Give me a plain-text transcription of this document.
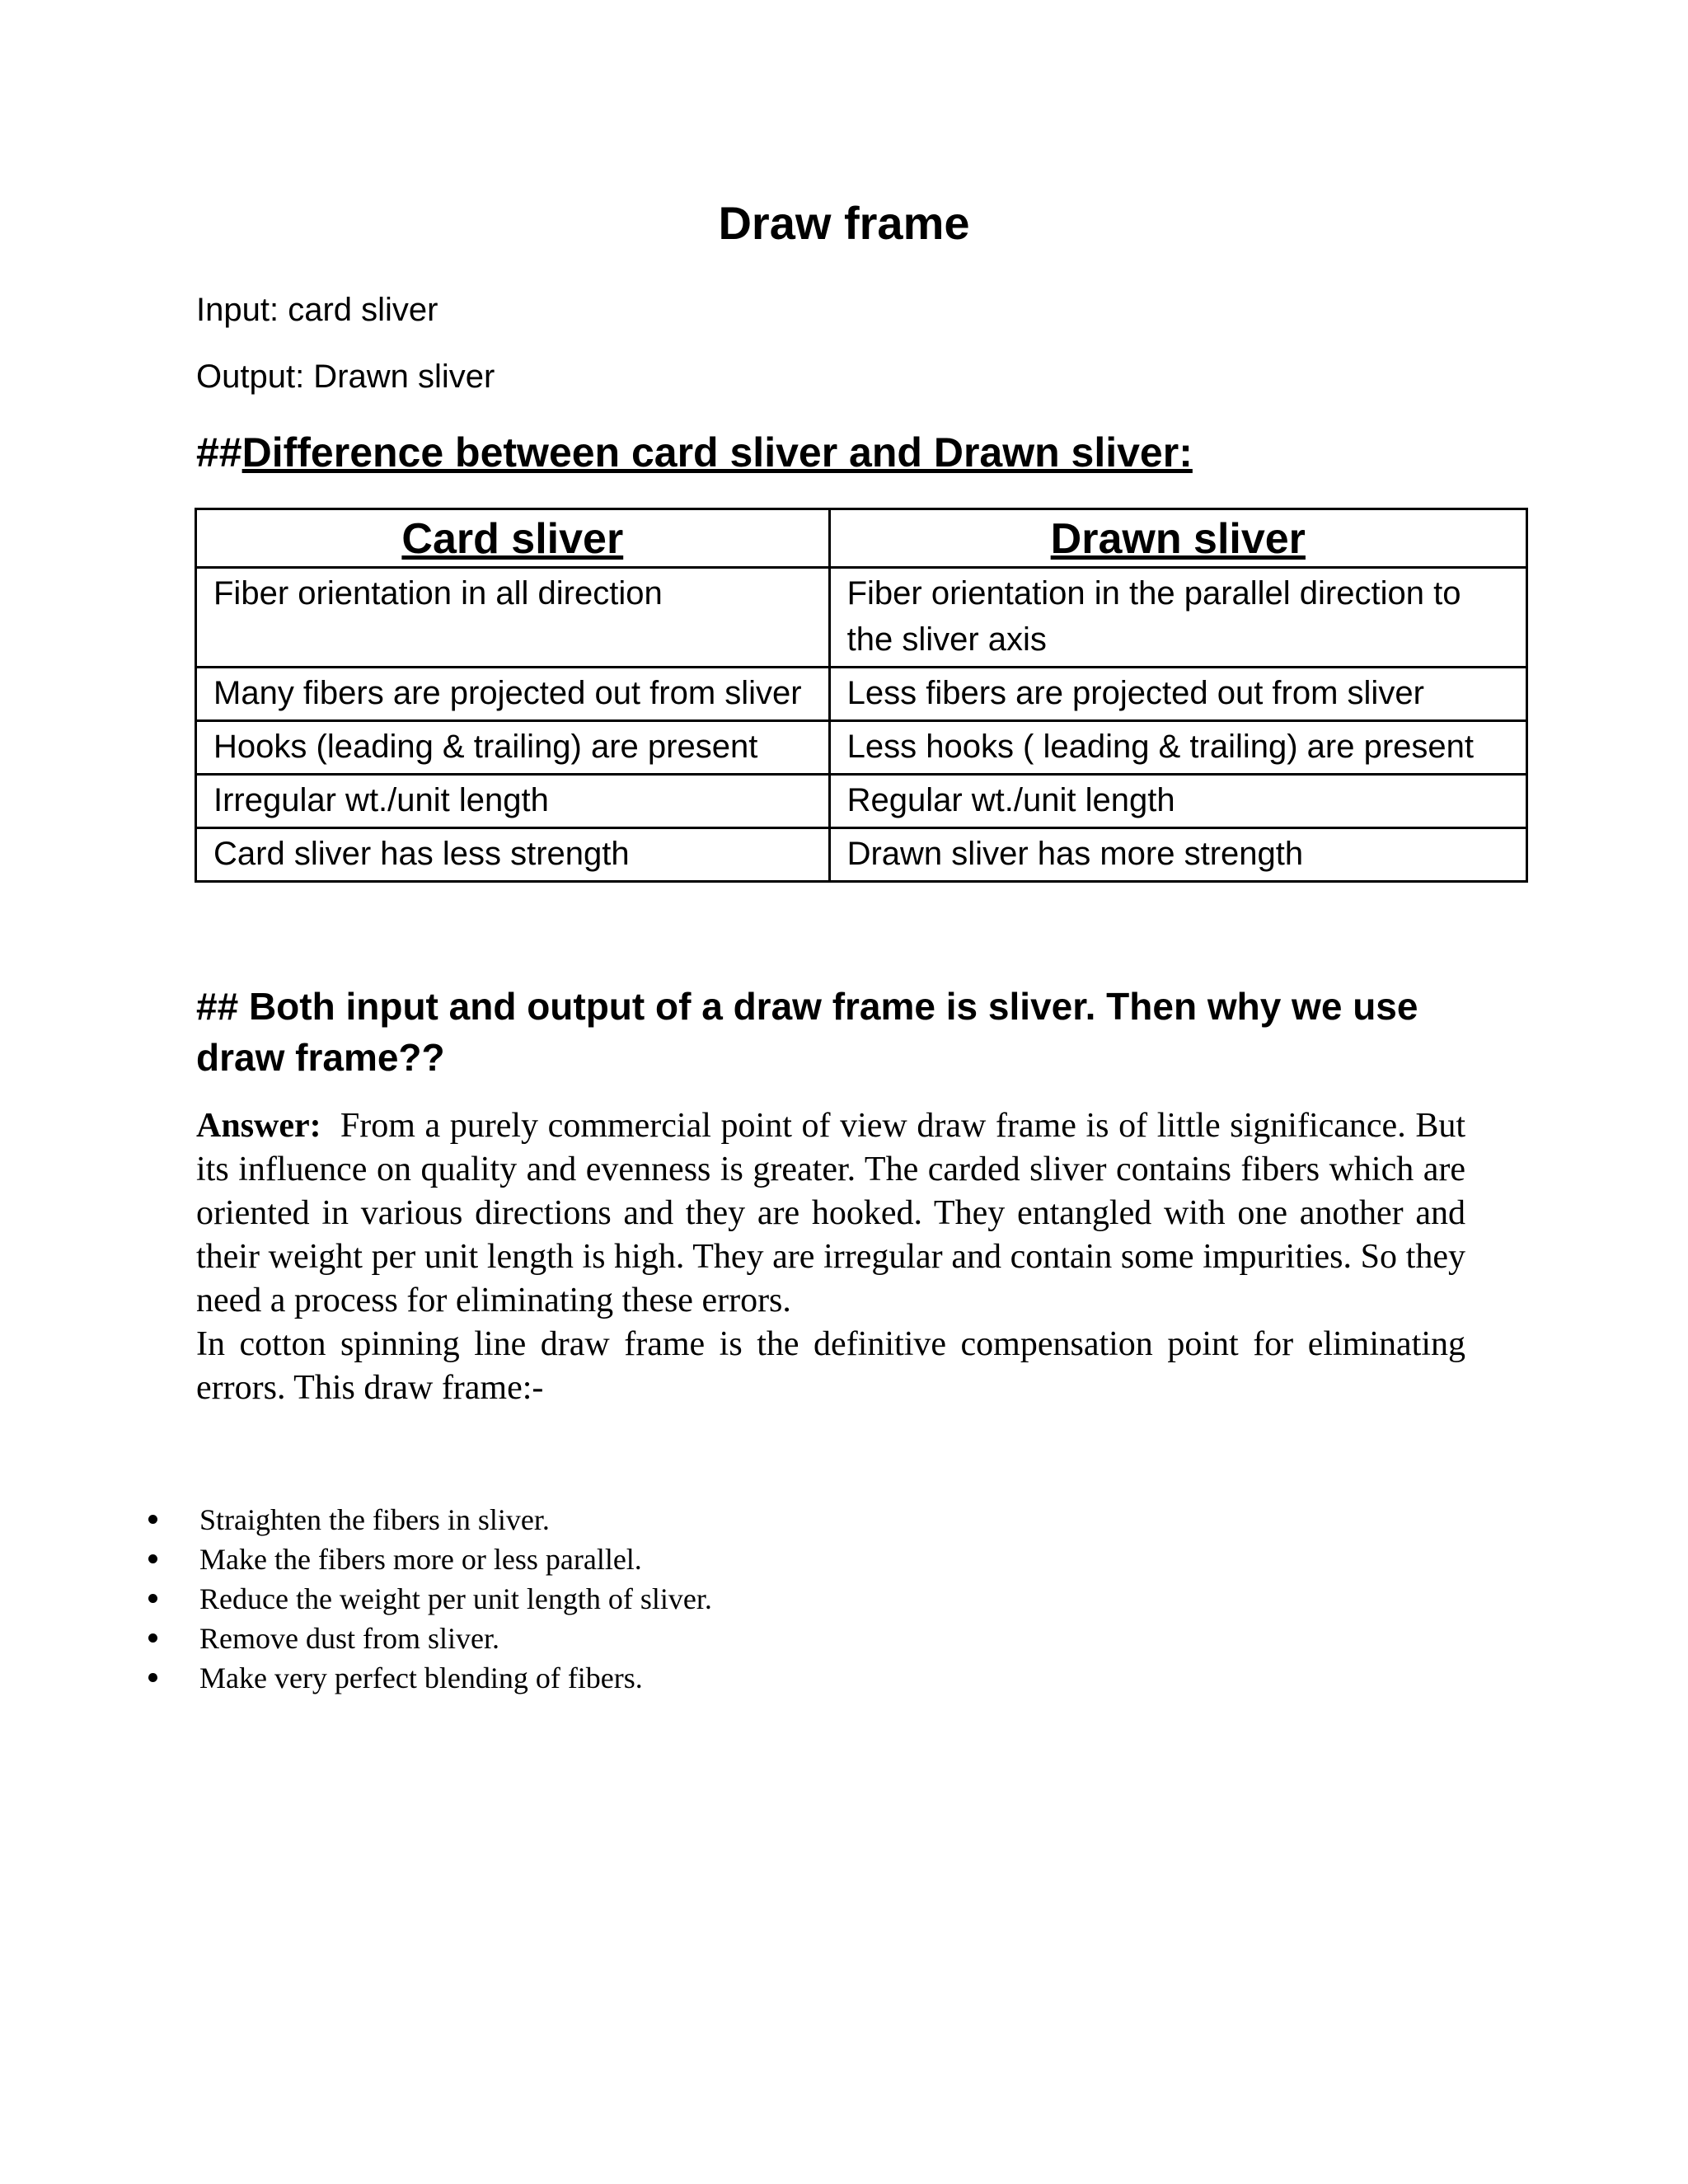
Draw frame

Input: card sliver

Output: Drawn sliver

##Difference between card sliver and Drawn sliver:
Card sliver	Drawn sliver
Fiber orientation in all direction	Fiber orientation in the parallel direction to the sliver axis
Many fibers are projected out from sliver	Less fibers are projected out from sliver
Hooks (leading & trailing) are present	Less hooks ( leading & trailing) are present
Irregular wt./unit length	Regular wt./unit length
Card sliver has less strength	Drawn sliver has more strength
## Both input and output of a draw frame is sliver. Then why we use draw frame??

Answer: From a purely commercial point of view draw frame is of little significance. But its influence on quality and evenness is greater. The carded sliver contains fibers which are oriented in various directions and they are hooked. They entangled with one another and their weight per unit length is high. They are irregular and contain some impurities. So they need a process for eliminating these errors.

In cotton spinning line draw frame is the definitive compensation point for eliminating errors. This draw frame:-

Straighten the fibers in sliver.
Make the fibers more or less parallel.
Reduce the weight per unit length of sliver.
Remove dust from sliver.
Make very perfect blending of fibers.
